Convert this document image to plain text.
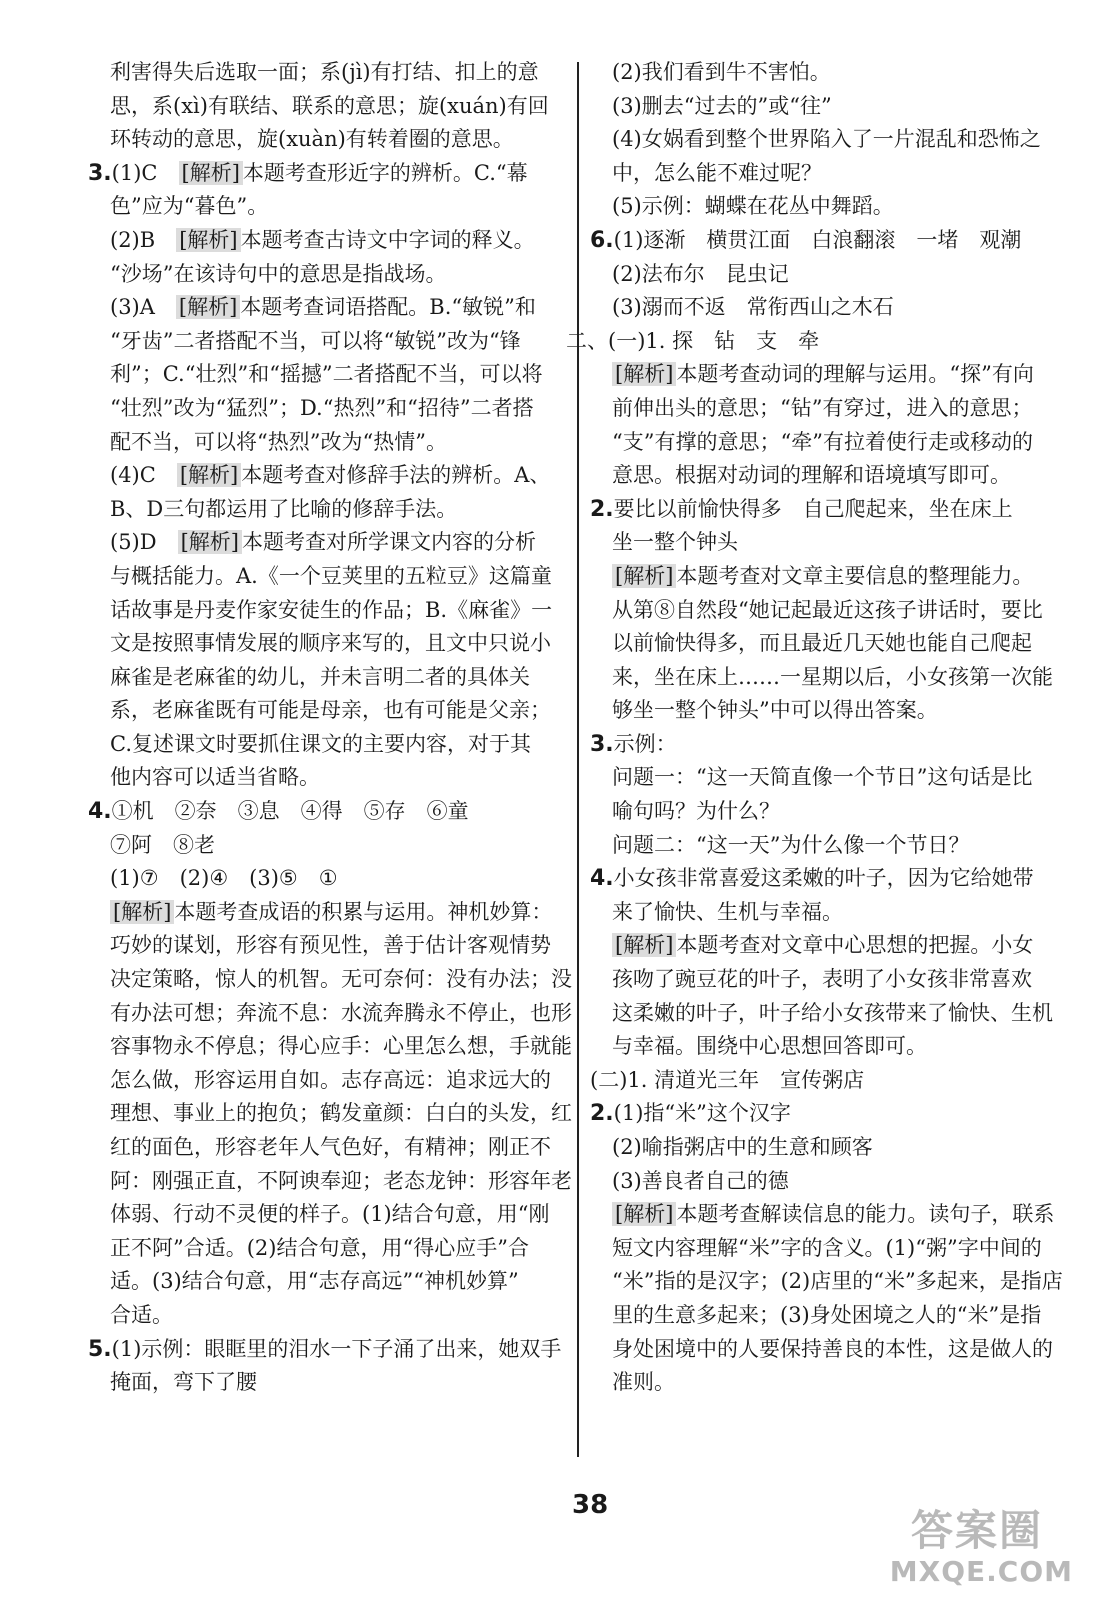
利害得失后选取一面；系(jì)有打结、扣上的意
思，系(xì)有联结、联系的意思；旋(xuán)有回
环转动的意思，旋(xuàn)有转着圈的意思。
3.(1)C　[解析] 本题考查形近字的辨析。C.“幕
色”应为“暮色”。
(2)B　[解析] 本题考查古诗文中字词的释义。
“沙场”在该诗句中的意思是指战场。
(3)A　[解析] 本题考查词语搭配。B.“敏锐”和
“牙齿”二者搭配不当，可以将“敏锐”改为“锋
利”；C.“壮烈”和“摇撼”二者搭配不当，可以将
“壮烈”改为“猛烈”；D.“热烈”和“招待”二者搭
配不当，可以将“热烈”改为“热情”。
(4)C　[解析] 本题考查对修辞手法的辨析。A、
B、D三句都运用了比喻的修辞手法。
(5)D　[解析] 本题考查对所学课文内容的分析
与概括能力。A.《一个豆荚里的五粒豆》这篇童
话故事是丹麦作家安徒生的作品；B.《麻雀》一
文是按照事情发展的顺序来写的，且文中只说小
麻雀是老麻雀的幼儿，并未言明二者的具体关
系，老麻雀既有可能是母亲，也有可能是父亲；
C.复述课文时要抓住课文的主要内容，对于其
他内容可以适当省略。
4.①机　②奈　③息　④得　⑤存　⑥童
⑦阿　⑧老
(1)⑦　(2)④　(3)⑤　①
[解析] 本题考查成语的积累与运用。神机妙算：
巧妙的谋划，形容有预见性，善于估计客观情势
决定策略，惊人的机智。无可奈何：没有办法；没
有办法可想；奔流不息：水流奔腾永不停止，也形
容事物永不停息；得心应手：心里怎么想，手就能
怎么做，形容运用自如。志存高远：追求远大的
理想、事业上的抱负；鹤发童颜：白白的头发，红
红的面色，形容老年人气色好，有精神；刚正不
阿：刚强正直，不阿谀奉迎；老态龙钟：形容年老
体弱、行动不灵便的样子。(1)结合句意，用“刚
正不阿”合适。(2)结合句意，用“得心应手”合
适。(3)结合句意，用“志存高远”“神机妙算”
合适。
5.(1)示例：眼眶里的泪水一下子涌了出来，她双手
掩面，弯下了腰
(2)我们看到牛不害怕。
(3)删去“过去的”或“往”
(4)女娲看到整个世界陷入了一片混乱和恐怖之
中，怎么能不难过呢？
(5)示例：蝴蝶在花丛中舞蹈。
6.(1)逐渐　横贯江面　白浪翻滚　一堵　观潮
(2)法布尔　昆虫记
(3)溺而不返　常衔西山之木石
二、(一)1. 探　钻　支　牵
[解析] 本题考查动词的理解与运用。“探”有向
前伸出头的意思；“钻”有穿过，进入的意思；
“支”有撑的意思；“牵”有拉着使行走或移动的
意思。根据对动词的理解和语境填写即可。
2.要比以前愉快得多　自己爬起来，坐在床上
坐一整个钟头
[解析] 本题考查对文章主要信息的整理能力。
从第⑧自然段“她记起最近这孩子讲话时，要比
以前愉快得多，而且最近几天她也能自己爬起
来，坐在床上……一星期以后，小女孩第一次能
够坐一整个钟头”中可以得出答案。
3.示例：
问题一：“这一天简直像一个节日”这句话是比
喻句吗？为什么？
问题二：“这一天”为什么像一个节日？
4.小女孩非常喜爱这柔嫩的叶子，因为它给她带
来了愉快、生机与幸福。
[解析] 本题考查对文章中心思想的把握。小女
孩吻了豌豆花的叶子，表明了小女孩非常喜欢
这柔嫩的叶子，叶子给小女孩带来了愉快、生机
与幸福。围绕中心思想回答即可。
(二)1. 清道光三年　宣传粥店
2.(1)指“米”这个汉字
(2)喻指粥店中的生意和顾客
(3)善良者自己的德
[解析] 本题考查解读信息的能力。读句子，联系
短文内容理解“米”字的含义。(1)“粥”字中间的
“米”指的是汉字；(2)店里的“米”多起来，是指店
里的生意多起来；(3)身处困境之人的“米”是指
身处困境中的人要保持善良的本性，这是做人的
准则。
38
答案圈
MXQE.COM
